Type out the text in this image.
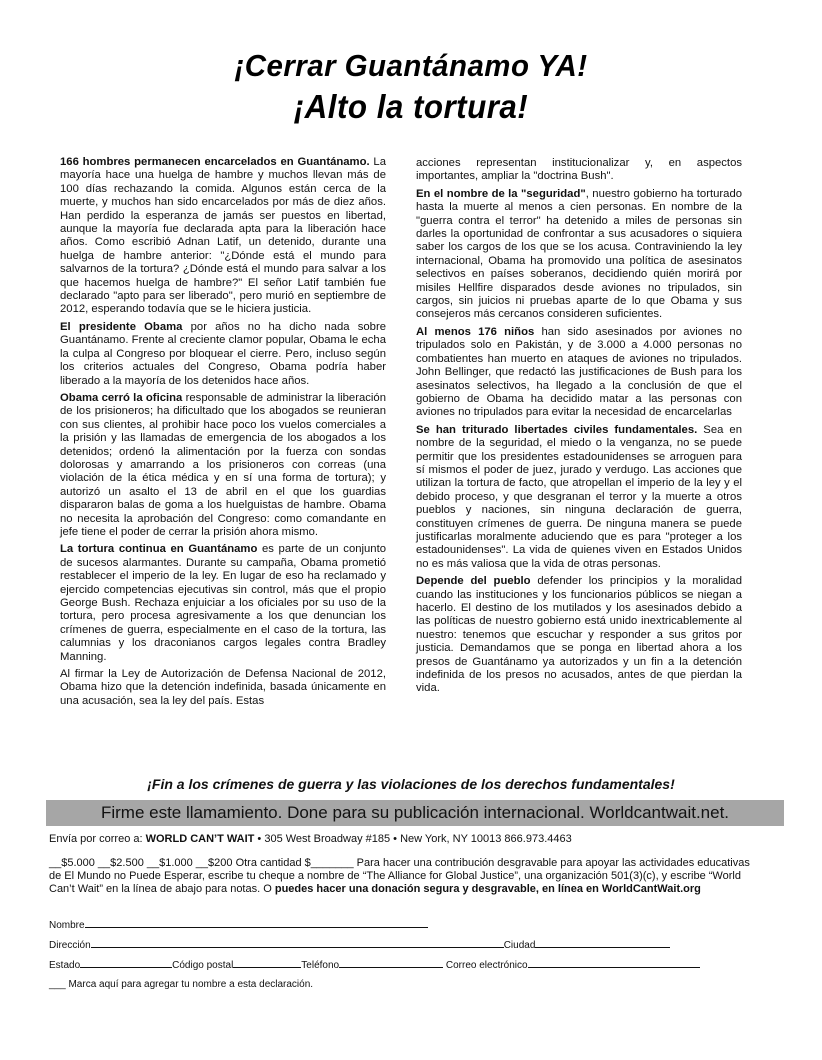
¡Cerrar Guantánamo YA!
¡Alto la tortura!

166 hombres permanecen encarcelados en Guantánamo. La mayoría hace una huelga de hambre y muchos llevan más de 100 días rechazando la comida. Algunos están cerca de la muerte, y muchos han sido encarcelados por más de diez años. Han perdido la esperanza de jamás ser puestos en libertad, aunque la mayoría fue declarada apta para la liberación hace años. Como escribió Adnan Latif, un detenido, durante una huelga de hambre anterior: "¿Dónde está el mundo para salvarnos de la tortura? ¿Dónde está el mundo para salvar a los que hacemos huelga de hambre?" El señor Latif también fue declarado "apto para ser liberado", pero murió en septiembre de 2012, esperando todavía que se le hiciera justicia.

El presidente Obama por años no ha dicho nada sobre Guantánamo. Frente al creciente clamor popular, Obama le echa la culpa al Congreso por bloquear el cierre. Pero, incluso según los criterios actuales del Congreso, Obama podría haber liberado a la mayoría de los detenidos hace años.

Obama cerró la oficina responsable de administrar la liberación de los prisioneros; ha dificultado que los abogados se reunieran con sus clientes, al prohibir hace poco los vuelos comerciales a la prisión y las llamadas de emergencia de los abogados a los detenidos; ordenó la alimentación por la fuerza con sondas dolorosas y amarrando a los prisioneros con correas (una violación de la ética médica y en sí una forma de tortura); y autorizó un asalto el 13 de abril en el que los guardias dispararon balas de goma a los huelguistas de hambre. Obama no necesita la aprobación del Congreso: como comandante en jefe tiene el poder de cerrar la prisión ahora mismo.

La tortura continua en Guantánamo es parte de un conjunto de sucesos alarmantes. Durante su campaña, Obama prometió restablecer el imperio de la ley. En lugar de eso ha reclamado y ejercido competencias ejecutivas sin control, más que el propio George Bush. Rechaza enjuiciar a los oficiales por su uso de la tortura, pero procesa agresivamente a los que denuncian los crímenes de guerra, especialmente en el caso de la tortura, las calumnias y los draconianos cargos legales contra Bradley Manning.

Al firmar la Ley de Autorización de Defensa Nacional de 2012, Obama hizo que la detención indefinida, basada únicamente en una acusación, sea la ley del país. Estas

acciones representan institucionalizar y, en aspectos importantes, ampliar la "doctrina Bush".

En el nombre de la "seguridad", nuestro gobierno ha torturado hasta la muerte al menos a cien personas. En nombre de la "guerra contra el terror" ha detenido a miles de personas sin darles la oportunidad de confrontar a sus acusadores o siquiera saber los cargos de los que se los acusa. Contraviniendo la ley internacional, Obama ha promovido una política de asesinatos selectivos en países soberanos, decidiendo quién morirá por misiles Hellfire disparados desde aviones no tripulados, sin cargos, sin juicios ni pruebas aparte de lo que Obama y sus consejeros más cercanos consideren suficientes.

Al menos 176 niños han sido asesinados por aviones no tripulados solo en Pakistán, y de 3.000 a 4.000 personas no combatientes han muerto en ataques de aviones no tripulados. John Bellinger, que redactó las justificaciones de Bush para los asesinatos selectivos, ha llegado a la conclusión de que el gobierno de Obama ha decidido matar a las personas con aviones no tripulados para evitar la necesidad de encarcelarlas

Se han triturado libertades civiles fundamentales. Sea en nombre de la seguridad, el miedo o la venganza, no se puede permitir que los presidentes estadounidenses se arroguen para sí mismos el poder de juez, jurado y verdugo. Las acciones que utilizan la tortura de facto, que atropellan el imperio de la ley y el debido proceso, y que desgranan el terror y la muerte a otros pueblos y naciones, sin ninguna declaración de guerra, constituyen crímenes de guerra. De ninguna manera se puede justificarlas moralmente aduciendo que es para "proteger a los estadounidenses". La vida de quienes viven en Estados Unidos no es más valiosa que la vida de otras personas.

Depende del pueblo defender los principios y la moralidad cuando las instituciones y los funcionarios públicos se niegan a hacerlo. El destino de los mutilados y los asesinados debido a las políticas de nuestro gobierno está unido inextricablemente al nuestro: tenemos que escuchar y responder a sus gritos por justicia. Demandamos que se ponga en libertad ahora a los presos de Guantánamo ya autorizados y un fin a la detención indefinida de los presos no acusados, antes de que pierdan la vida.

¡Fin a los crímenes de guerra y las violaciones de los derechos fundamentales!
Firme este llamamiento. Done para su publicación internacional. Worldcantwait.net.
Envía por correo a: WORLD CAN’T WAIT • 305 West Broadway #185 • New York, NY 10013 866.973.4463
__$5.000 __$2.500 __$1.000 __$200 Otra cantidad $_______ Para hacer una contribución desgravable para apoyar las actividades educativas de El Mundo no Puede Esperar, escribe tu cheque a nombre de “The Alliance for Global Justice”, una organización 501(3)(c), y escribe “World Can’t Wait” en la línea de abajo para notas. O puedes hacer una donación segura y desgravable, en línea en WorldCantWait.org
Nombre
Dirección	Ciudad
Estado	Código postal	Teléfono	Correo electrónico
___ Marca aquí para agregar tu nombre a esta declaración.
